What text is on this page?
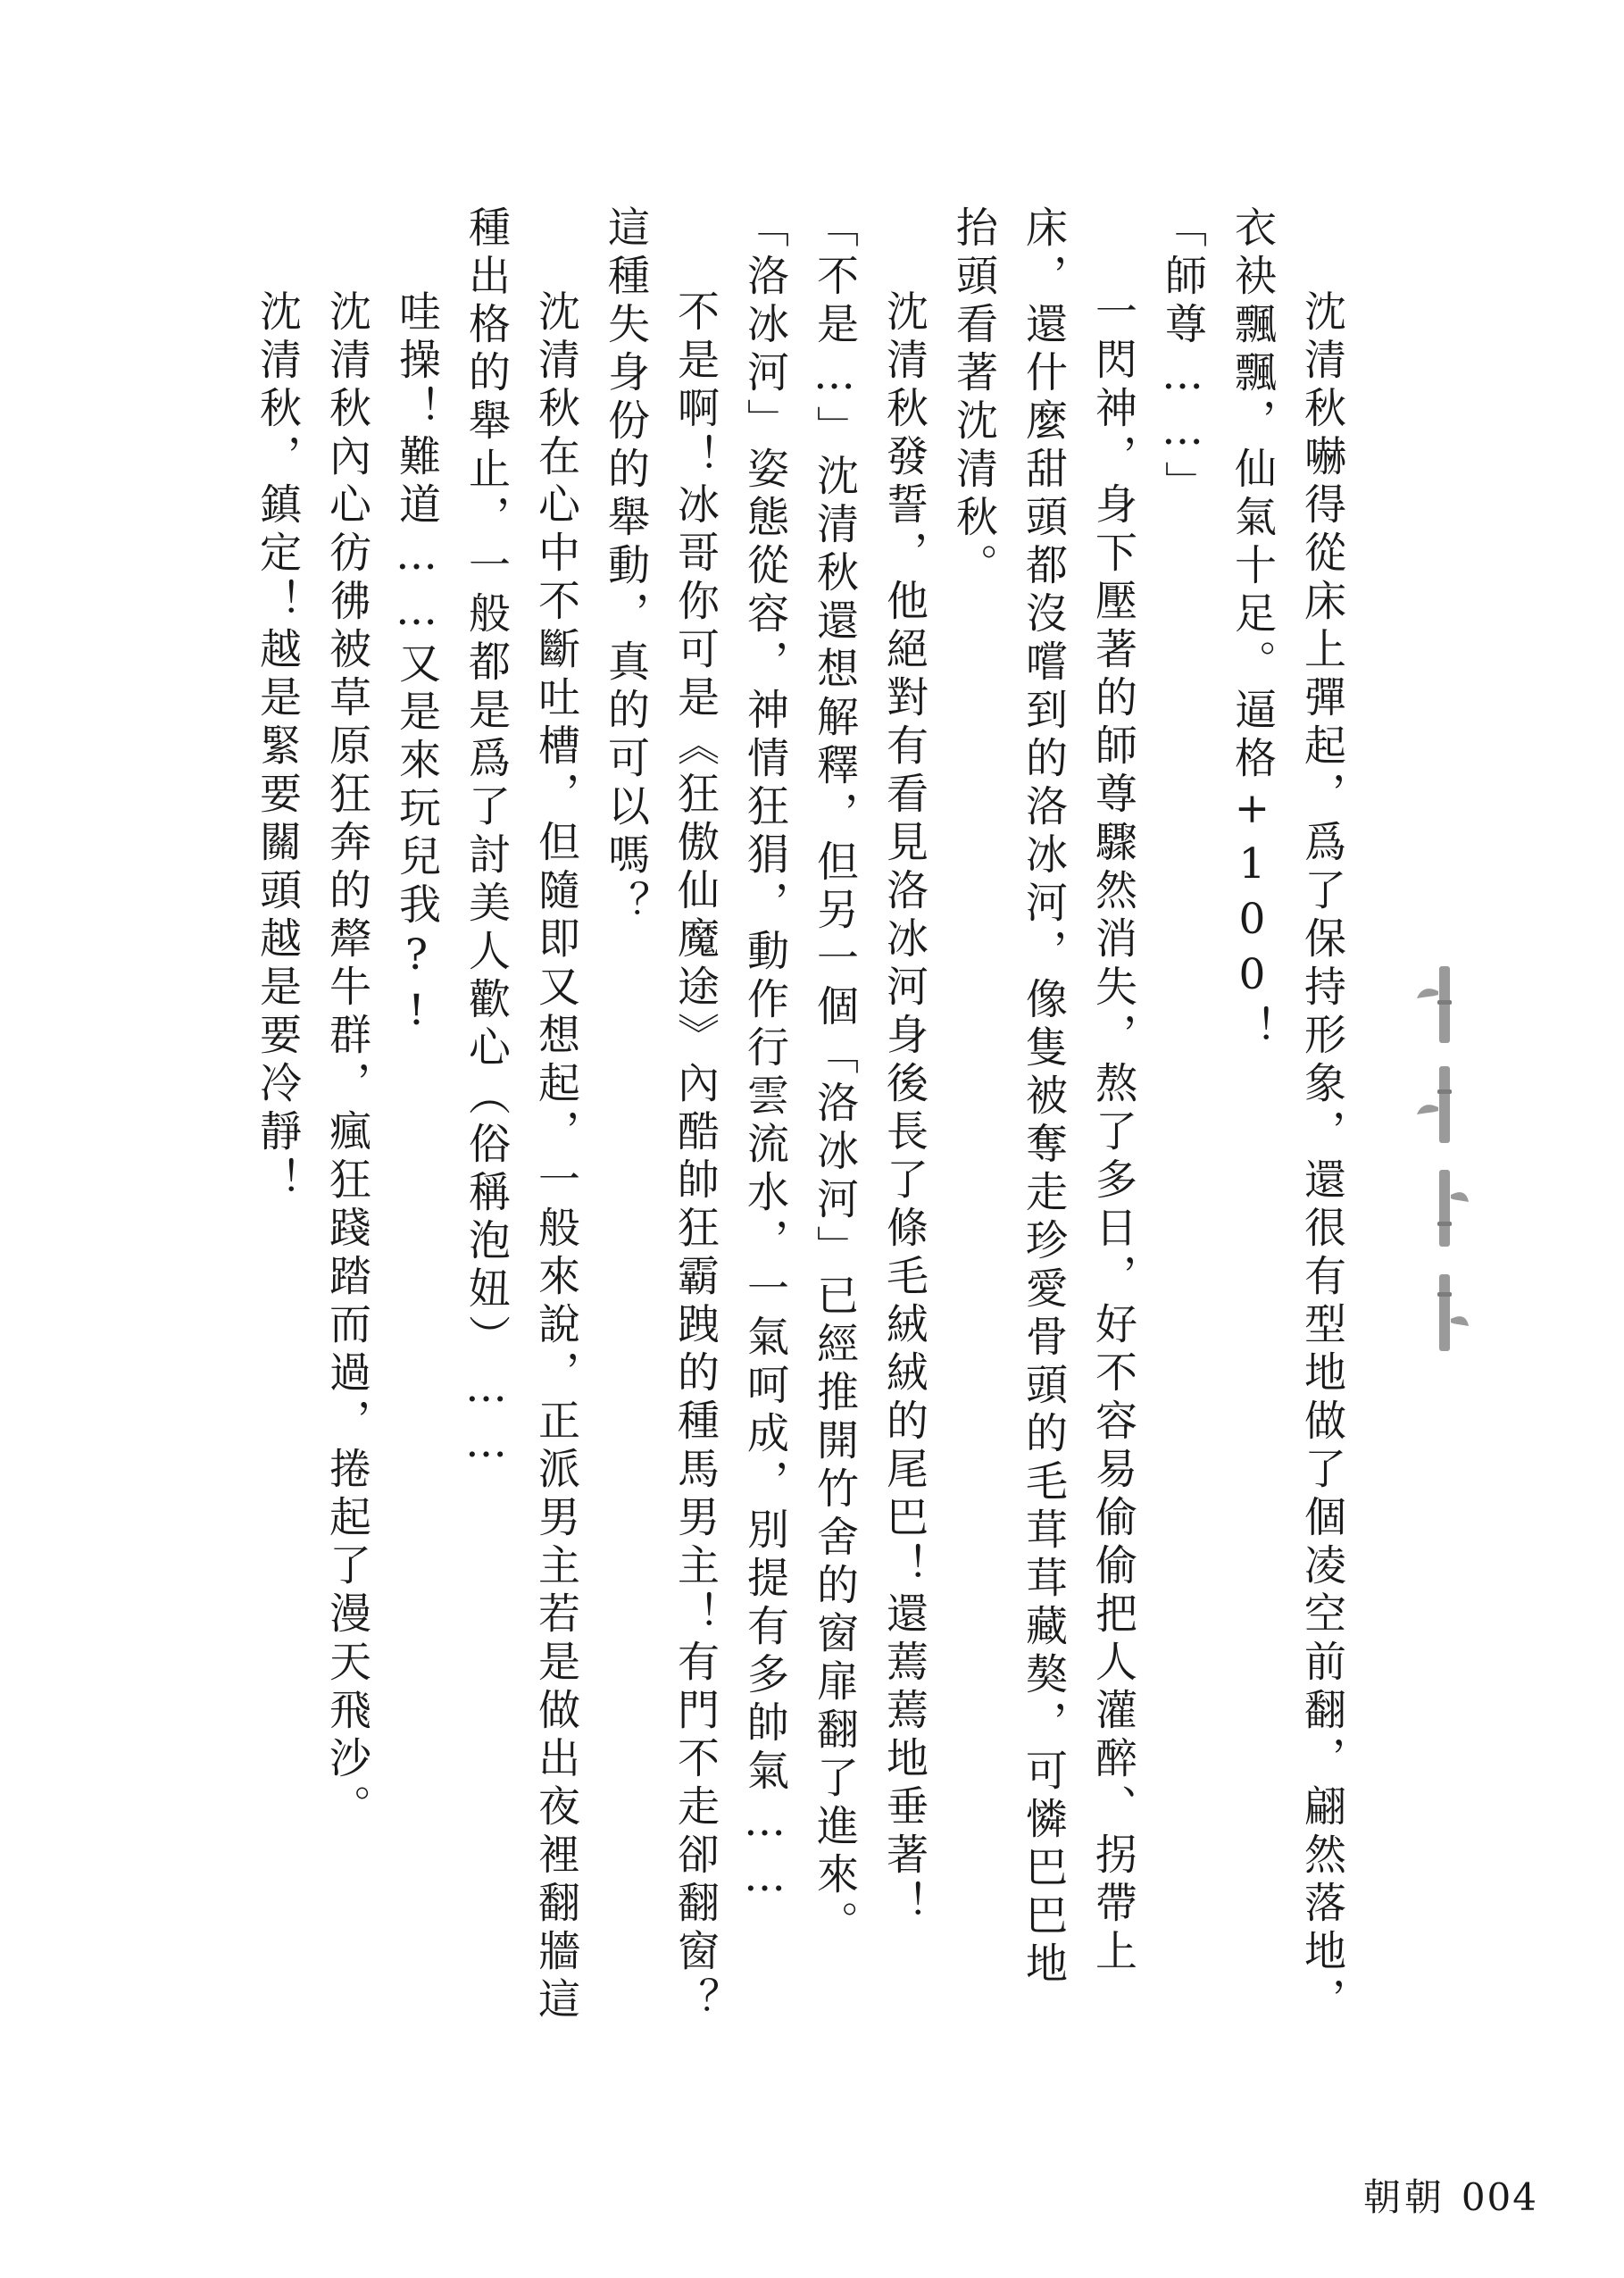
沈清秋嚇得從床上彈起，爲了保持形象，還很有型地做了個凌空前翻，翩然落地，衣袂飄飄，仙氣十足。逼格+100！

「師尊……」

一閃神，身下壓著的師尊驟然消失，熬了多日，好不容易偷偷把人灌醉、拐帶上床，還什麼甜頭都沒嚐到的洛冰河，像隻被奪走珍愛骨頭的毛茸茸藏獒，可憐巴巴地抬頭看著沈清秋。

沈清秋發誓，他絕對有看見洛冰河身後長了條毛絨絨的尾巴！還蔫蔫地垂著！

「不是…」沈清秋還想解釋，但另一個「洛冰河」已經推開竹舍的窗扉翻了進來。

「洛冰河」姿態從容，神情狂狷，動作行雲流水，一氣呵成，別提有多帥氣……

不是啊！冰哥你可是《狂傲仙魔途》內酷帥狂霸跩的種馬男主！有門不走卻翻窗？這種失身份的舉動，真的可以嗎？

沈清秋在心中不斷吐槽，但隨即又想起，一般來說，正派男主若是做出夜裡翻牆這種出格的舉止，一般都是爲了討美人歡心（俗稱泡妞）……

哇操！難道……又是來玩兒我?!

沈清秋內心彷彿被草原狂奔的犛牛群，瘋狂踐踏而過，捲起了漫天飛沙。

沈清秋，鎮定！越是緊要關頭越是要冷靜！

朝朝 004
